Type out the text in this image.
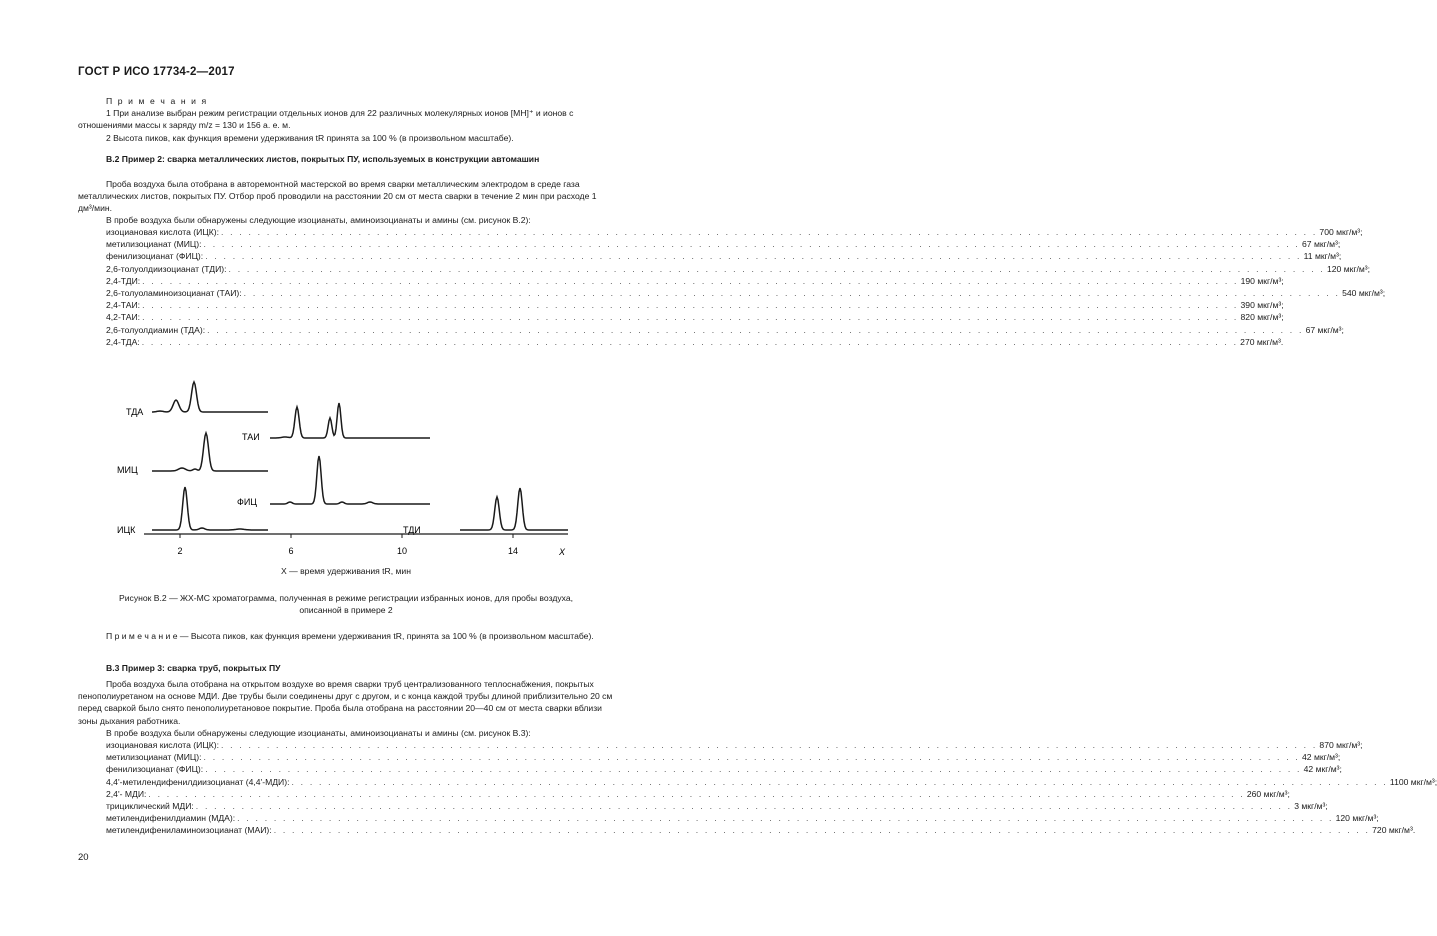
ГОСТ Р ИСО 17734-2—2017
П р и м е ч а н и я
1 При анализе выбран режим регистрации отдельных ионов для 22 различных молекулярных ионов [MH]⁺ и ионов с отношениями массы к заряду m/z = 130 и 156 а. е. м.
2 Высота пиков, как функция времени удерживания tR принята за 100 % (в произвольном масштабе).
B.2 Пример 2: сварка металлических листов, покрытых ПУ, используемых в конструкции автомашин
Проба воздуха была отобрана в авторемонтной мастерской во время сварки металлическим электродом в среде газа металлических листов, покрытых ПУ. Отбор проб проводили на расстоянии 20 см от места сварки в течение 2 мин при расходе 1 дм³/мин.
В пробе воздуха были обнаружены следующие изоцианаты, аминоизоцианаты и амины (см. рисунок B.2):
изоциановая кислота (ИЦК): . . . . . . . . . . . . . . . . . . . . . . . . . . . . . . . . . . . . . . . . . . . . . . . . . . . . . . . . . . . . . . . . . . . . . . . . . . . . . . . . . . . . . . . . . . . . . . . . . . . . . . . . . . . . . . . . . . . . . . . . 700 мкг/м³;
метилизоцианат (МИЦ): . . . . . . . . . . . . . . . . . . . . . . . . . . . . . . . . . . . . . . . . . . . . . . . . . . . . . . . . . . . . . . . . . . . . . . . . . . . . . . . . . . . . . . . . . . . . . . . . . . . . . . . . . . . . . . . . . . . . . . . . 67 мкг/м³;
фенилизоцианат (ФИЦ): . . . . . . . . . . . . . . . . . . . . . . . . . . . . . . . . . . . . . . . . . . . . . . . . . . . . . . . . . . . . . . . . . . . . . . . . . . . . . . . . . . . . . . . . . . . . . . . . . . . . . . . . . . . . . . . . . . . . . . . . 11 мкг/м³;
2,6-толуолдиизоцианат (ТДИ): . . . . . . . . . . . . . . . . . . . . . . . . . . . . . . . . . . . . . . . . . . . . . . . . . . . . . . . . . . . . . . . . . . . . . . . . . . . . . . . . . . . . . . . . . . . . . . . . . . . . . . . . . . . . . . . . . . . . . . . . 120 мкг/м³;
2,4-ТДИ: . . . . . . . . . . . . . . . . . . . . . . . . . . . . . . . . . . . . . . . . . . . . . . . . . . . . . . . . . . . . . . . . . . . . . . . . . . . . . . . . . . . . . . . . . . . . . . . . . . . . . . . . . . . . . . . . . . . . . . . . 190 мкг/м³;
2,6-толуоламиноизоцианат (ТАИ): . . . . . . . . . . . . . . . . . . . . . . . . . . . . . . . . . . . . . . . . . . . . . . . . . . . . . . . . . . . . . . . . . . . . . . . . . . . . . . . . . . . . . . . . . . . . . . . . . . . . . . . . . . . . . . . . . . . . . . . . 540 мкг/м³;
2,4-ТАИ: . . . . . . . . . . . . . . . . . . . . . . . . . . . . . . . . . . . . . . . . . . . . . . . . . . . . . . . . . . . . . . . . . . . . . . . . . . . . . . . . . . . . . . . . . . . . . . . . . . . . . . . . . . . . . . . . . . . . . . . . 390 мкг/м³;
4,2-ТАИ: . . . . . . . . . . . . . . . . . . . . . . . . . . . . . . . . . . . . . . . . . . . . . . . . . . . . . . . . . . . . . . . . . . . . . . . . . . . . . . . . . . . . . . . . . . . . . . . . . . . . . . . . . . . . . . . . . . . . . . . . 820 мкг/м³;
2,6-толуолдиамин (ТДА): . . . . . . . . . . . . . . . . . . . . . . . . . . . . . . . . . . . . . . . . . . . . . . . . . . . . . . . . . . . . . . . . . . . . . . . . . . . . . . . . . . . . . . . . . . . . . . . . . . . . . . . . . . . . . . . . . . . . . . . . 67 мкг/м³;
2,4-ТДА: . . . . . . . . . . . . . . . . . . . . . . . . . . . . . . . . . . . . . . . . . . . . . . . . . . . . . . . . . . . . . . . . . . . . . . . . . . . . . . . . . . . . . . . . . . . . . . . . . . . . . . . . . . . . . . . . . . . . . . . . 270 мкг/м³.
ТДА
МИЦ
ИЦК
ТАИ
ФИЦ
ТДИ
2	6	10	14	X
X — время удерживания tR, мин
Рисунок B.2 — ЖХ-МС хроматограмма, полученная в режиме регистрации избранных ионов, для пробы воздуха,
описанной в примере 2
П р и м е ч а н и е — Высота пиков, как функция времени удерживания tR, принята за 100 % (в произвольном масштабе).
B.3 Пример 3: сварка труб, покрытых ПУ
Проба воздуха была отобрана на открытом воздухе во время сварки труб централизованного теплоснабжения, покрытых пенополиуретаном на основе МДИ. Две трубы были соединены друг с другом, и с конца каждой трубы длиной приблизительно 20 см перед сваркой было снято пенополиуретановое покрытие. Проба была отобрана на расстоянии 20—40 см от места сварки вблизи зоны дыхания работника.
В пробе воздуха были обнаружены следующие изоцианаты, аминоизоцианаты и амины (см. рисунок B.3):
изоциановая кислота (ИЦК): . . . . . . . . . . . . . . . . . . . . . . . . . . . . . . . . . . . . . . . . . . . . . . . . . . . . . . . . . . . . . . . . . . . . . . . . . . . . . . . . . . . . . . . . . . . . . . . . . . . . . . . . . . . . . . . . . . . . . . . . 870 мкг/м³;
метилизоцианат (МИЦ): . . . . . . . . . . . . . . . . . . . . . . . . . . . . . . . . . . . . . . . . . . . . . . . . . . . . . . . . . . . . . . . . . . . . . . . . . . . . . . . . . . . . . . . . . . . . . . . . . . . . . . . . . . . . . . . . . . . . . . . . 42 мкг/м³;
фенилизоцианат (ФИЦ): . . . . . . . . . . . . . . . . . . . . . . . . . . . . . . . . . . . . . . . . . . . . . . . . . . . . . . . . . . . . . . . . . . . . . . . . . . . . . . . . . . . . . . . . . . . . . . . . . . . . . . . . . . . . . . . . . . . . . . . . 42 мкг/м³;
4,4'-метилендифенилдиизоцианат (4,4'-МДИ): . . . . . . . . . . . . . . . . . . . . . . . . . . . . . . . . . . . . . . . . . . . . . . . . . . . . . . . . . . . . . . . . . . . . . . . . . . . . . . . . . . . . . . . . . . . . . . . . . . . . . . . . . . . . . . . . . . . . . . . . 1100 мкг/м³;
2,4'- МДИ: . . . . . . . . . . . . . . . . . . . . . . . . . . . . . . . . . . . . . . . . . . . . . . . . . . . . . . . . . . . . . . . . . . . . . . . . . . . . . . . . . . . . . . . . . . . . . . . . . . . . . . . . . . . . . . . . . . . . . . . . 260 мкг/м³;
трициклический МДИ: . . . . . . . . . . . . . . . . . . . . . . . . . . . . . . . . . . . . . . . . . . . . . . . . . . . . . . . . . . . . . . . . . . . . . . . . . . . . . . . . . . . . . . . . . . . . . . . . . . . . . . . . . . . . . . . . . . . . . . . . 3 мкг/м³;
метилендифенилдиамин (МДА): . . . . . . . . . . . . . . . . . . . . . . . . . . . . . . . . . . . . . . . . . . . . . . . . . . . . . . . . . . . . . . . . . . . . . . . . . . . . . . . . . . . . . . . . . . . . . . . . . . . . . . . . . . . . . . . . . . . . . . . . 120 мкг/м³;
метилендифениламиноизоцианат (МАИ): . . . . . . . . . . . . . . . . . . . . . . . . . . . . . . . . . . . . . . . . . . . . . . . . . . . . . . . . . . . . . . . . . . . . . . . . . . . . . . . . . . . . . . . . . . . . . . . . . . . . . . . . . . . . . . . . . . . . . . . . 720 мкг/м³.
20
